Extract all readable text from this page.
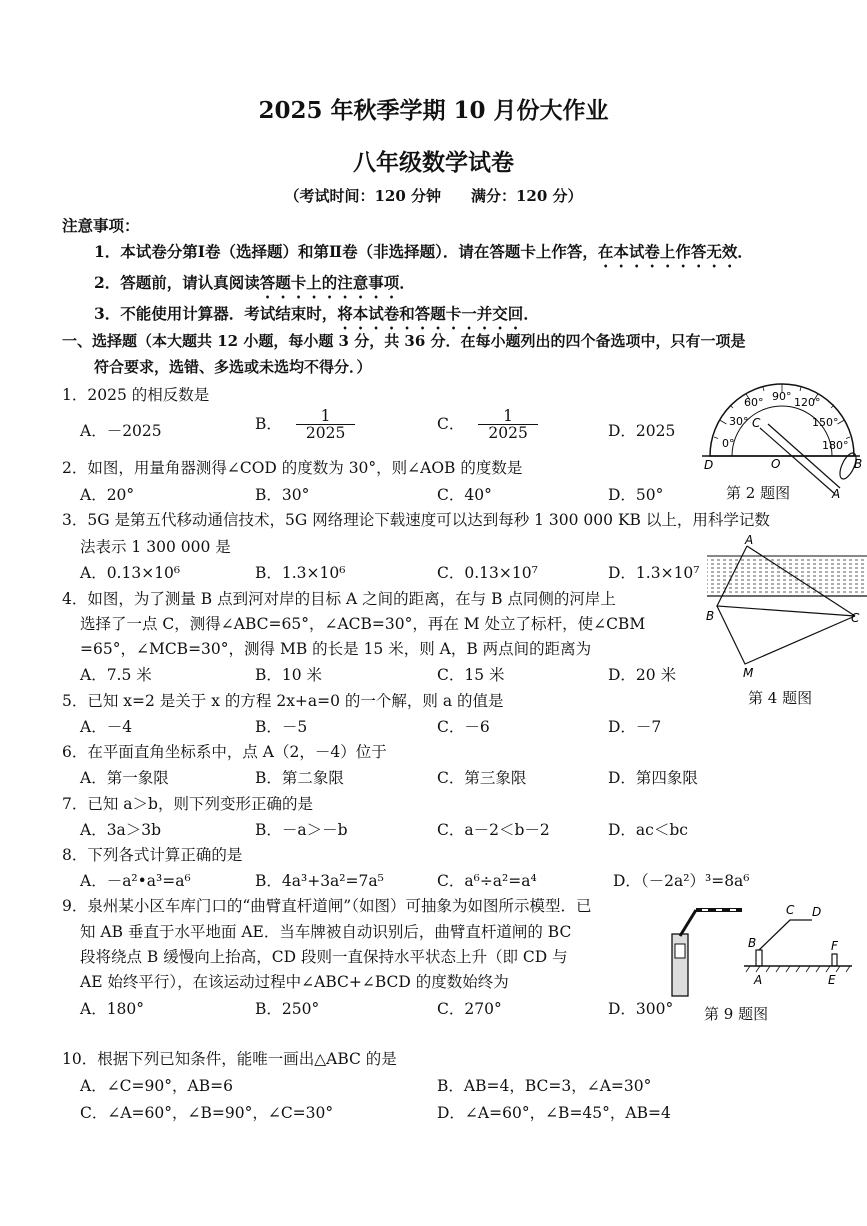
2025 年秋季学期 10 月份大作业
八年级数学试卷
（考试时间：120 分钟　　满分：120 分）
注意事项：
1．本试卷分第Ⅰ卷（选择题）和第Ⅱ卷（非选择题）．请在答题卡上作答，在本试卷上作答无效．
2．答题前，请认真阅读答题卡上的注意事项．
3．不能使用计算器．考试结束时，将本试卷和答题卡一并交回．
一、选择题（本大题共 12 小题，每小题 3 分，共 36 分．在每小题列出的四个备选项中，只有一项是
符合要求，选错、多选或未选均不得分．）
1．2025 的相反数是
A．－2025	B． $\frac{1}{2025}$	C． $\frac{1}{2025}$	D．2025
60° 90° 120°
30°	150°
0°	180°
C
D	O	B
A
第 2 题图
2．如图，用量角器测得∠COD 的度数为 30°，则∠AOB 的度数是
A．20°	B．30°	C．40°	D．50°
3．5G 是第五代移动通信技术，5G 网络理论下载速度可以达到每秒 1 300 000 KB 以上，用科学记数
法表示 1 300 000 是
A．0.13×10⁶	B．1.3×10⁶	C．0.13×10⁷	D．1.3×10⁷
A
B	C
M
第 4 题图
4．如图，为了测量 B 点到河对岸的目标 A 之间的距离，在与 B 点同侧的河岸上
选择了一点 C，测得∠ABC=65°，∠ACB=30°，再在 M 处立了标杆，使∠CBM
=65°，∠MCB=30°，测得 MB 的长是 15 米，则 A，B 两点间的距离为
A．7.5 米	B．10 米	C．15 米	D．20 米
5．已知 x=2 是关于 x 的方程 2x+a=0 的一个解，则 a 的值是
A．－4	B．－5	C．－6	D．－7
6．在平面直角坐标系中，点 A（2，－4）位于
A．第一象限	B．第二象限	C．第三象限	D．第四象限
7．已知 a＞b，则下列变形正确的是
A．3a＞3b	B．－a＞－b	C．a－2＜b－2	D．ac＜bc
8．下列各式计算正确的是
A．－a²•a³=a⁶	B．4a³+3a²=7a⁵	C．a⁶÷a²=a⁴	D．（－2a²）³=8a⁶
9．泉州某小区车库门口的“曲臂直杆道闸”（如图）可抽象为如图所示模型．已
知 AB 垂直于水平地面 AE．当车牌被自动识别后，曲臂直杆道闸的 BC
段将绕点 B 缓慢向上抬高，CD 段则一直保持水平状态上升（即 CD 与
AE 始终平行），在该运动过程中∠ABC+∠BCD 的度数始终为
A．180°	B．250°	C．270°	D．300°
C D
B	F
A	E
第 9 题图
10．根据下列已知条件，能唯一画出△ABC 的是
A．∠C=90°，AB=6	B．AB=4，BC=3，∠A=30°
C．∠A=60°，∠B=90°，∠C=30°	D．∠A=60°，∠B=45°，AB=4
